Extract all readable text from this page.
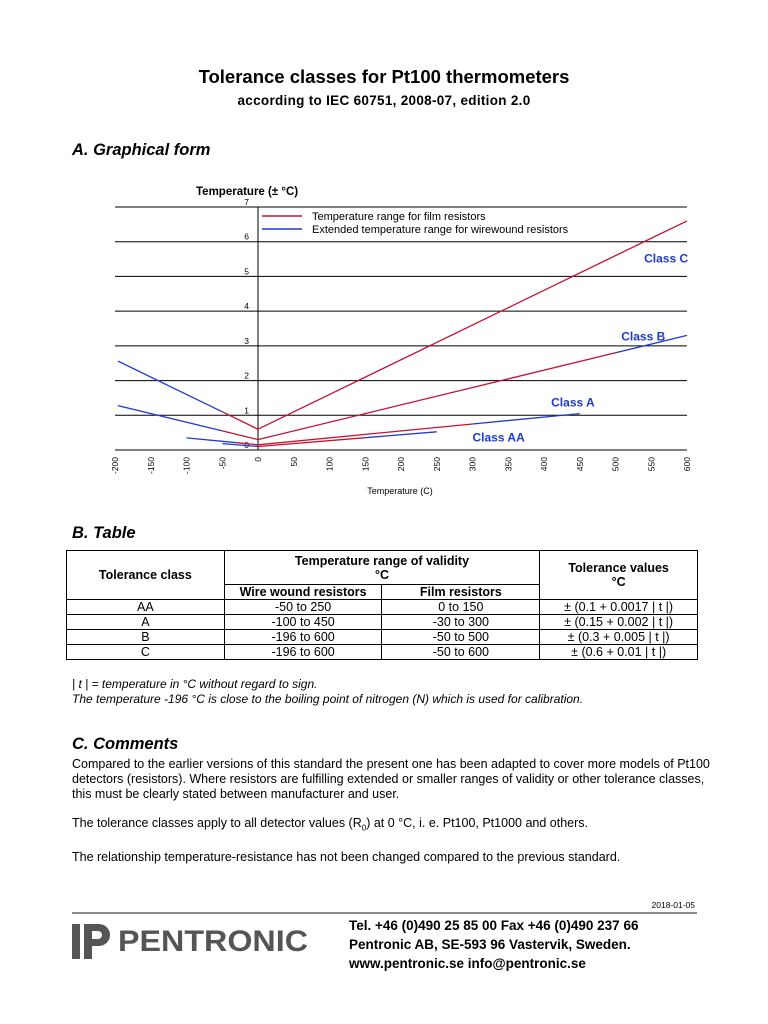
Tolerance classes for Pt100 thermometers
according to IEC 60751, 2008-07, edition 2.0
A. Graphical form
Temperature (± °C)
0
1
2
3
4
5
6
7
-200	-150	-100	-50	0	50	100	150	200	250	300	350	400	450	500	550	600
Temperature range for film resistors
Extended temperature range for wirewound resistors
Class C
Class B
Class A
Class AA
Temperature (C)
B. Table
Tolerance class	Temperature range of validity
°C		Tolerance values
°C
	Wire wound resistors	Film resistors	
AA	-50 to 250	0 to 150	± (0.1 + 0.0017 | t |)
A	-100 to 450	-30 to 300	± (0.15 + 0.002 | t |)
B	-196 to 600	-50 to 500	± (0.3 + 0.005 | t |)
C	-196 to 600	-50 to 600	± (0.6 + 0.01 | t |)
| t | = temperature in °C without regard to sign.
The temperature -196 °C is close to the boiling point of nitrogen (N) which is used for calibration.
C. Comments

Compared to the earlier versions of this standard the present one has been adapted to cover more models of Pt100 detectors (resistors). Where resistors are fulfilling extended or smaller ranges of validity or other tolerance classes, this must be clearly stated between manufacturer and user.

The tolerance classes apply to all detector values $(R_0)$ at 0 °C, i. e. Pt100, Pt1000 and others.

The relationship temperature-resistance has not been changed compared to the previous standard.

2018-01-05
PENTRONIC	Tel. +46 (0)490 25 85 00 Fax +46 (0)490 237 66
Pentronic AB, SE-593 96 Vastervik, Sweden.
www.pentronic.se info@pentronic.se
